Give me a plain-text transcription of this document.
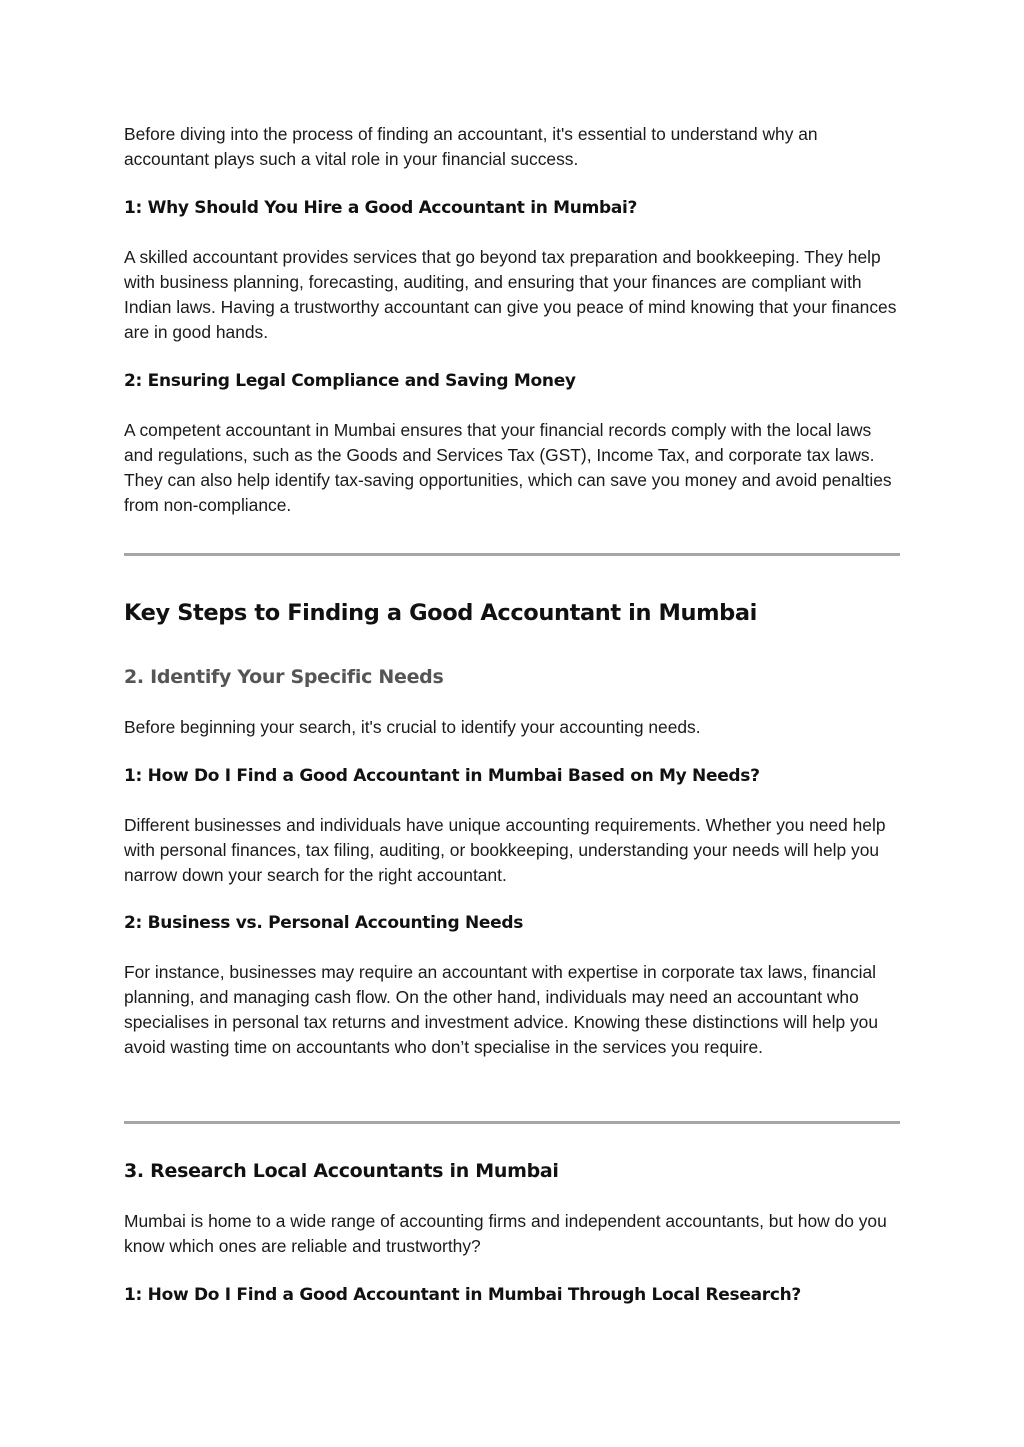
Before diving into the process of finding an accountant, it's essential to understand why an accountant plays such a vital role in your financial success.

1: Why Should You Hire a Good Accountant in Mumbai?

A skilled accountant provides services that go beyond tax preparation and bookkeeping. They help with business planning, forecasting, auditing, and ensuring that your finances are compliant with Indian laws. Having a trustworthy accountant can give you peace of mind knowing that your finances are in good hands.

2: Ensuring Legal Compliance and Saving Money

A competent accountant in Mumbai ensures that your financial records comply with the local laws and regulations, such as the Goods and Services Tax (GST), Income Tax, and corporate tax laws. They can also help identify tax-saving opportunities, which can save you money and avoid penalties from non-compliance.

Key Steps to Finding a Good Accountant in Mumbai
2. Identify Your Specific Needs

Before beginning your search, it's crucial to identify your accounting needs.

1: How Do I Find a Good Accountant in Mumbai Based on My Needs?

Different businesses and individuals have unique accounting requirements. Whether you need help with personal finances, tax filing, auditing, or bookkeeping, understanding your needs will help you narrow down your search for the right accountant.

2: Business vs. Personal Accounting Needs

For instance, businesses may require an accountant with expertise in corporate tax laws, financial planning, and managing cash flow. On the other hand, individuals may need an accountant who specialises in personal tax returns and investment advice. Knowing these distinctions will help you avoid wasting time on accountants who don’t specialise in the services you require.

3. Research Local Accountants in Mumbai

Mumbai is home to a wide range of accounting firms and independent accountants, but how do you know which ones are reliable and trustworthy?

1: How Do I Find a Good Accountant in Mumbai Through Local Research?
